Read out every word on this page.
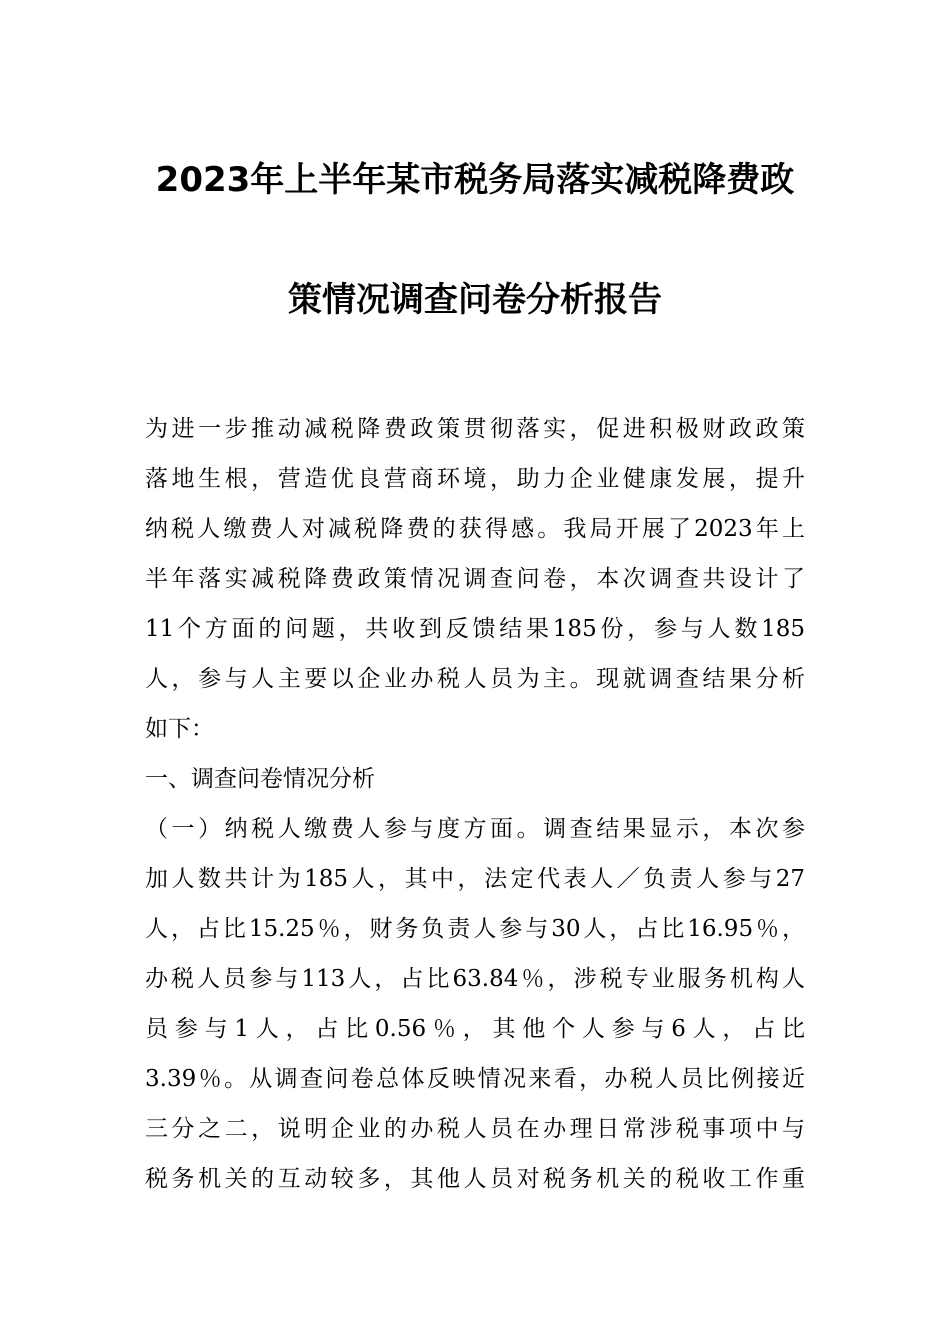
2023年上半年某市税务局落实减税降费政
策情况调查问卷分析报告
为进一步推动减税降费政策贯彻落实，促进积极财政政策
落地生根，营造优良营商环境，助力企业健康发展，提升
纳税人缴费人对减税降费的获得感。我局开展了2023年上
半年落实减税降费政策情况调查问卷，本次调查共设计了
11个方面的问题，共收到反馈结果185份，参与人数185
人，参与人主要以企业办税人员为主。现就调查结果分析
如下：
一、调查问卷情况分析
（一）纳税人缴费人参与度方面。调查结果显示，本次参
加人数共计为185人，其中，法定代表人／负责人参与27
人，占比15.25％，财务负责人参与30人，占比16.95％，
办税人员参与113人，占比63.84％，涉税专业服务机构人
员参与1人，占比0.56％，其他个人参与6人，占比
3.39％。从调查问卷总体反映情况来看，办税人员比例接近
三分之二，说明企业的办税人员在办理日常涉税事项中与
税务机关的互动较多，其他人员对税务机关的税收工作重
